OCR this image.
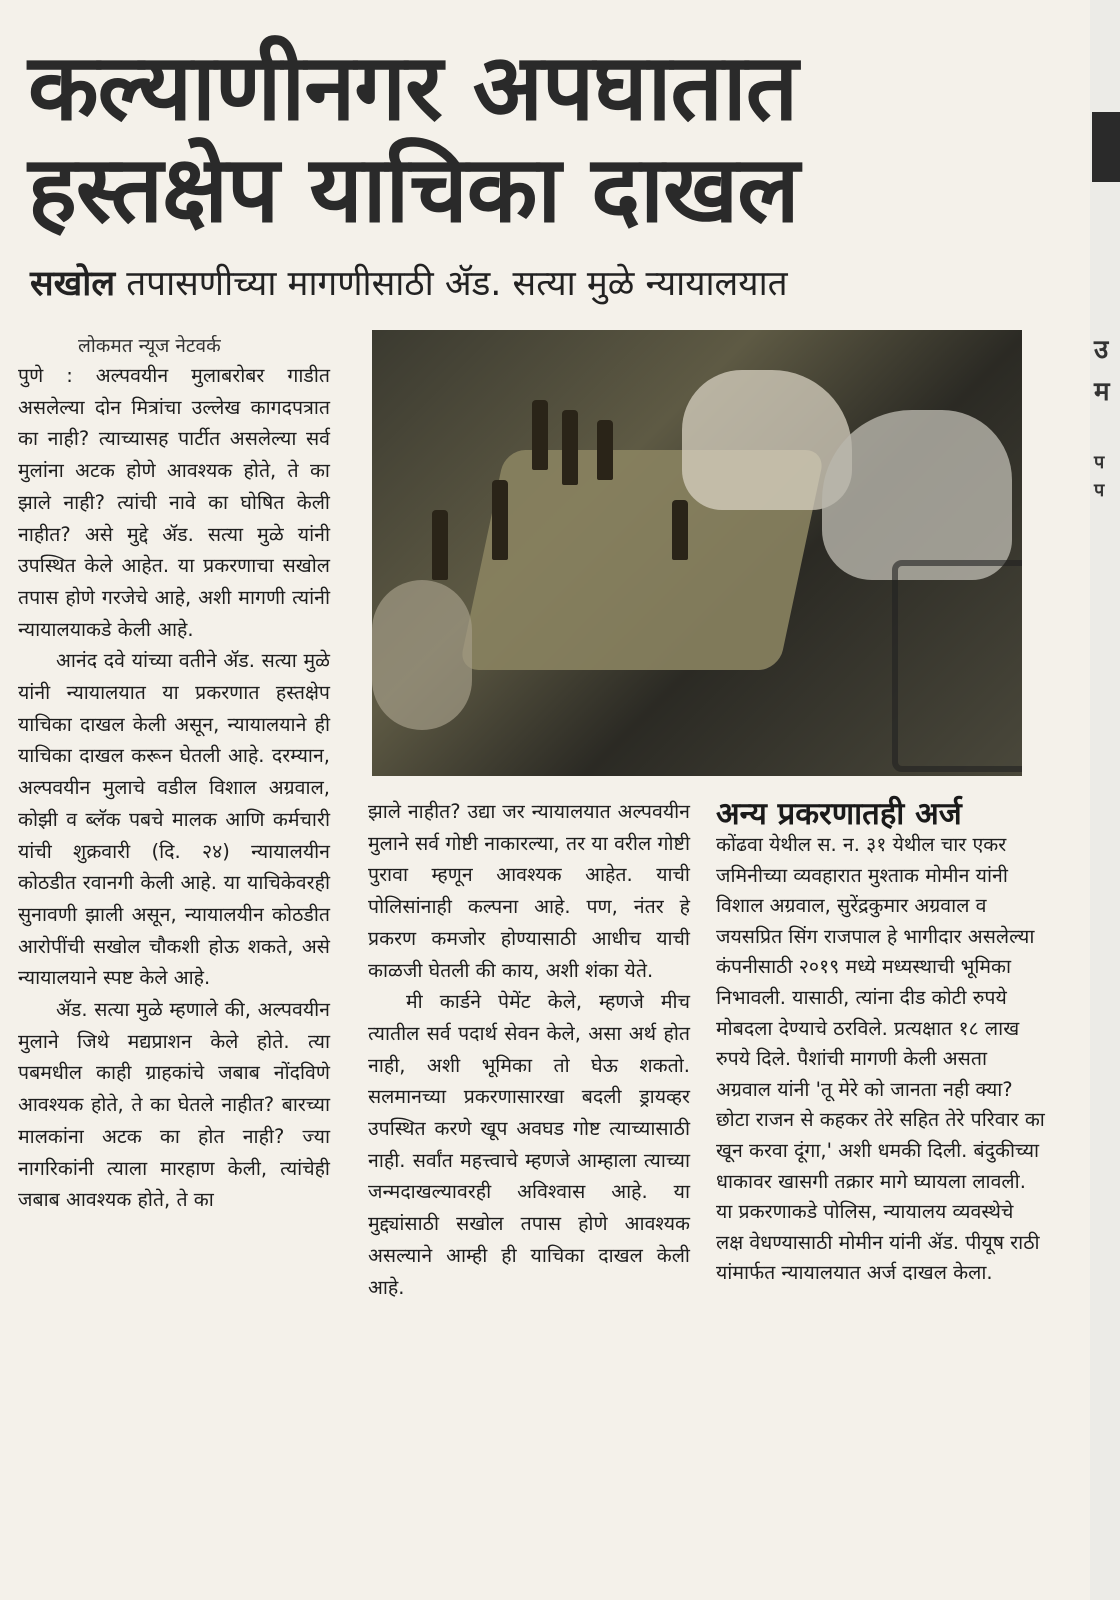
कल्याणीनगर अपघातात
हस्तक्षेप याचिका दाखल
सखोल तपासणीच्या मागणीसाठी ॲड. सत्या मुळे न्यायालयात
लोकमत न्यूज नेटवर्क

पुणे : अल्पवयीन मुलाबरोबर गाडीत असलेल्या दोन मित्रांचा उल्लेख कागदपत्रात का नाही? त्याच्यासह पार्टीत असलेल्या सर्व मुलांना अटक होणे आवश्यक होते, ते का झाले नाही? त्यांची नावे का घोषित केली नाहीत? असे मुद्दे ॲड. सत्या मुळे यांनी उपस्थित केले आहेत. या प्रकरणाचा सखोल तपास होणे गरजेचे आहे, अशी मागणी त्यांनी न्यायालयाकडे केली आहे.

आनंद दवे यांच्या वतीने ॲड. सत्या मुळे यांनी न्यायालयात या प्रकरणात हस्तक्षेप याचिका दाखल केली असून, न्यायालयाने ही याचिका दाखल करून घेतली आहे. दरम्यान, अल्पवयीन मुलाचे वडील विशाल अग्रवाल, कोझी व ब्लॅक पबचे मालक आणि कर्मचारी यांची शुक्रवारी (दि. २४) न्यायालयीन कोठडीत रवानगी केली आहे. या याचिकेवरही सुनावणी झाली असून, न्यायालयीन कोठडीत आरोपींची सखोल चौकशी होऊ शकते, असे न्यायालयाने स्पष्ट केले आहे.

ॲड. सत्या मुळे म्हणाले की, अल्पवयीन मुलाने जिथे मद्यप्राशन केले होते. त्या पबमधील काही ग्राहकांचे जबाब नोंदविणे आवश्यक होते, ते का घेतले नाहीत? बारच्या मालकांना अटक का होत नाही? ज्या नागरिकांनी त्याला मारहाण केली, त्यांचेही जबाब आवश्यक होते, ते का

झाले नाहीत? उद्या जर न्यायालयात अल्पवयीन मुलाने सर्व गोष्टी नाकारल्या, तर या वरील गोष्टी पुरावा म्हणून आवश्यक आहेत. याची पोलिसांनाही कल्पना आहे. पण, नंतर हे प्रकरण कमजोर होण्यासाठी आधीच याची काळजी घेतली की काय, अशी शंका येते.

मी कार्डने पेमेंट केले, म्हणजे मीच त्यातील सर्व पदार्थ सेवन केले, असा अर्थ होत नाही, अशी भूमिका तो घेऊ शकतो. सलमानच्या प्रकरणासारखा बदली ड्रायव्हर उपस्थित करणे खूप अवघड गोष्ट त्याच्यासाठी नाही. सर्वांत महत्त्वाचे म्हणजे आम्हाला त्याच्या जन्मदाखल्यावरही अविश्वास आहे. या मुद्द्यांसाठी सखोल तपास होणे आवश्यक असल्याने आम्ही ही याचिका दाखल केली आहे.

अन्य प्रकरणातही अर्ज
कोंढवा येथील स. न. ३१ येथील चार एकर जमिनीच्या व्यवहारात मुश्ताक मोमीन यांनी विशाल अग्रवाल, सुरेंद्रकुमार अग्रवाल व जयसप्रित सिंग राजपाल हे भागीदार असलेल्या कंपनीसाठी २०१९ मध्ये मध्यस्थाची भूमिका निभावली. यासाठी, त्यांना दीड कोटी रुपये मोबदला देण्याचे ठरविले. प्रत्यक्षात १८ लाख रुपये दिले. पैशांची मागणी केली असता अग्रवाल यांनी 'तू मेरे को जानता नही क्या? छोटा राजन से कहकर तेरे सहित तेरे परिवार का खून करवा दूंगा,' अशी धमकी दिली. बंदुकीच्या धाकावर खासगी तक्रार मागे घ्यायला लावली. या प्रकरणाकडे पोलिस, न्यायालय व्यवस्थेचे लक्ष वेधण्यासाठी मोमीन यांनी ॲड. पीयूष राठी यांमार्फत न्यायालयात अर्ज दाखल केला.
उ
म
प
प
